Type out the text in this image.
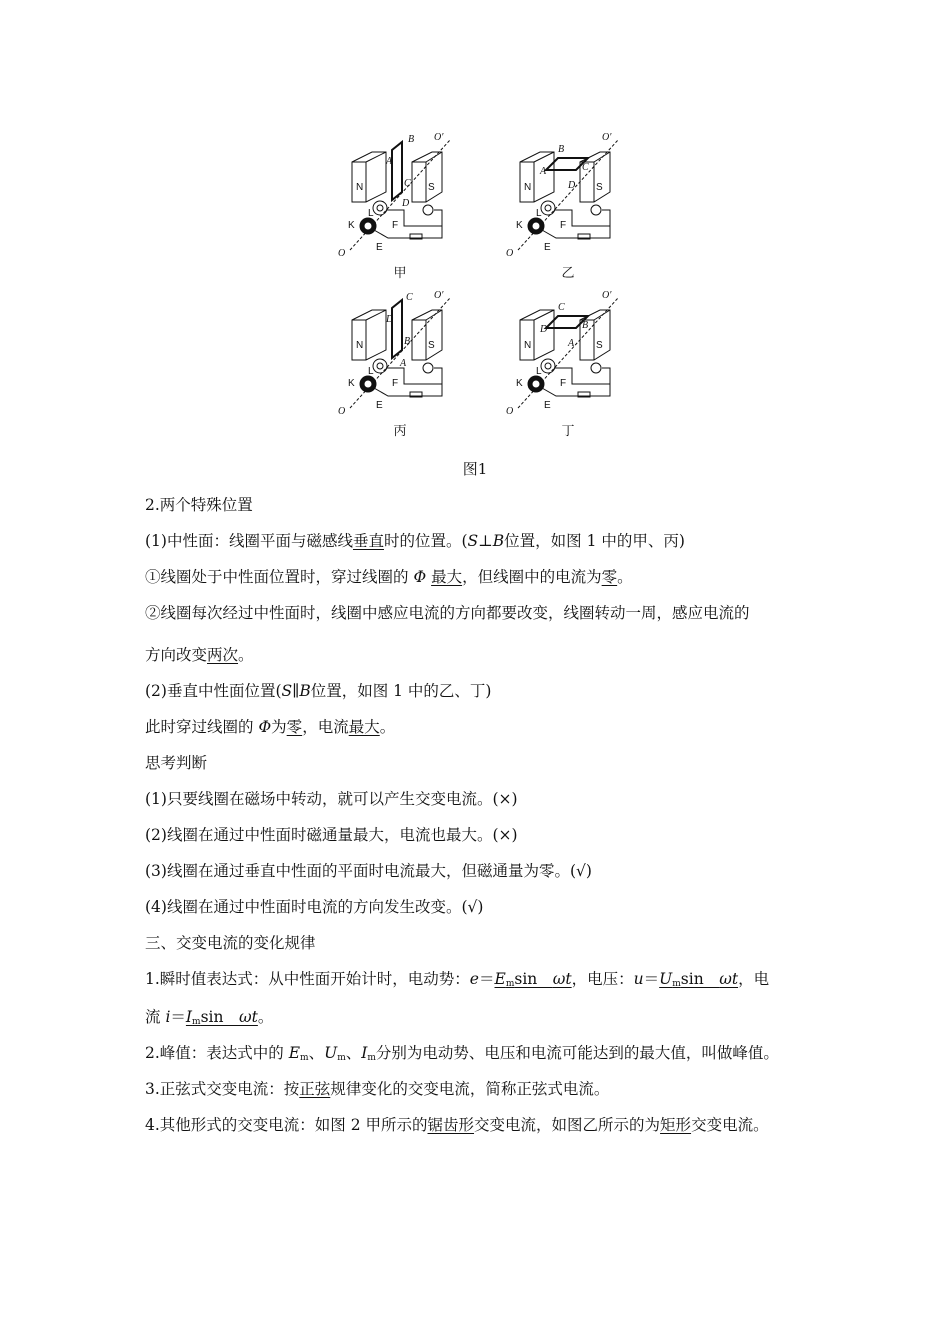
B
A
C
D
N	S
K
L
F
E
O
O′
甲
B
A	C
D
N	S
K
L
F
E
O
O′
乙
C
D
B
A
N	S
K
L
F
E
O
O′
丙
C
D	B
A
N	S
K
L
F
E
O
O′
丁
图1
2.两个特殊位置
(1)中性面：线圈平面与磁感线垂直时的位置。(S⊥B位置，如图 1 中的甲、丙)
①线圈处于中性面位置时，穿过线圈的 Φ 最大，但线圈中的电流为零。
②线圈每次经过中性面时，线圈中感应电流的方向都要改变，线圈转动一周，感应电流的
方向改变两次。
(2)垂直中性面位置(S∥B位置，如图 1 中的乙、丁)
此时穿过线圈的 Φ为零，电流最大。
思考判断
(1)只要线圈在磁场中转动，就可以产生交变电流。(×)
(2)线圈在通过中性面时磁通量最大，电流也最大。(×)
(3)线圈在通过垂直中性面的平面时电流最大，但磁通量为零。(√)
(4)线圈在通过中性面时电流的方向发生改变。(√)
三、交变电流的变化规律
1.瞬时值表达式：从中性面开始计时，电动势：$e=E_m\sin$　ωt，电压：$u=U_m\sin$　ωt，电
流 $i=I_m\sin$　ωt。
2.峰值：表达式中的 $E_m$、$U_m$、$I_m$分别为电动势、电压和电流可能达到的最大值，叫做峰值。
3.正弦式交变电流：按正弦规律变化的交变电流，简称正弦式电流。
4.其他形式的交变电流：如图 2 甲所示的锯齿形交变电流，如图乙所示的为矩形交变电流。
